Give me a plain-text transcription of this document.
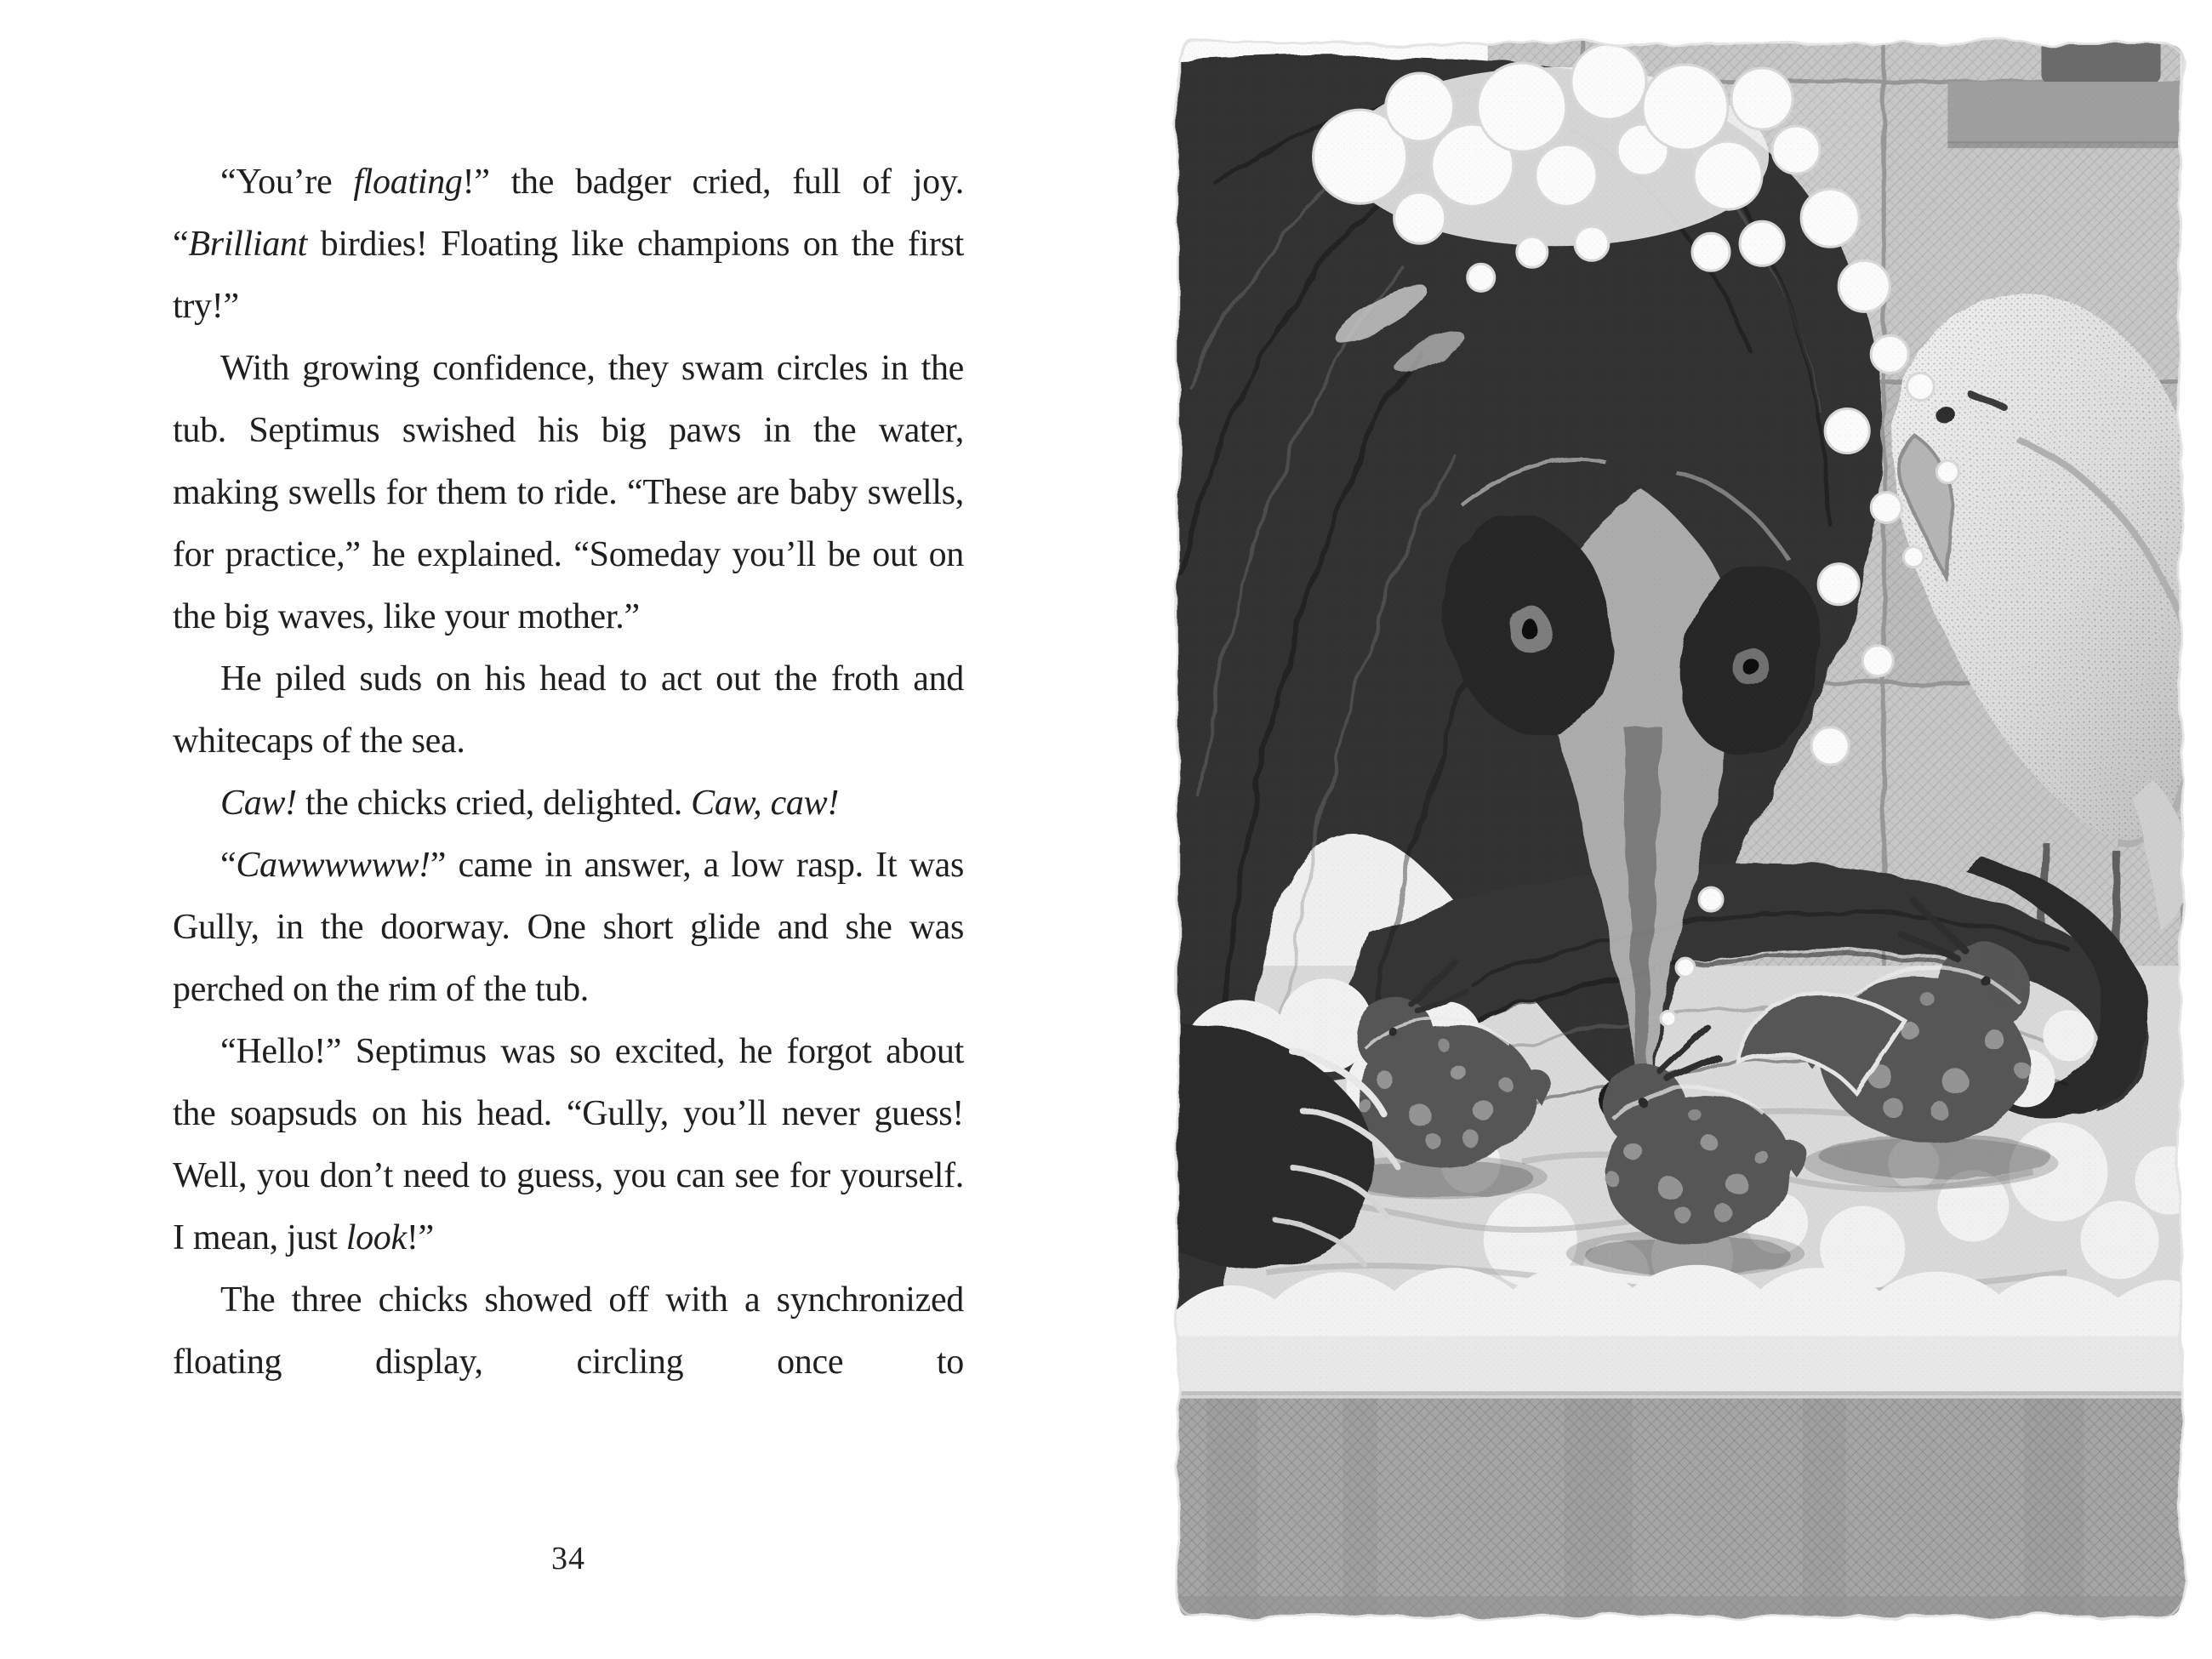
“You’re floating!” the badger cried, full of joy. “Brilliant birdies! Floating like champions on the first try!”

With growing confidence, they swam circles in the tub. Septimus swished his big paws in the water, making swells for them to ride. “These are baby swells, for practice,” he explained. “Someday you’ll be out on the big waves, like your mother.”

He piled suds on his head to act out the froth and whitecaps of the sea.

Caw! the chicks cried, delighted. Caw, caw!

“Cawwwwww!” came in answer, a low rasp. It was Gully, in the doorway. One short glide and she was perched on the rim of the tub.

“Hello!” Septimus was so excited, he forgot about the soapsuds on his head. “Gully, you’ll never guess! Well, you don’t need to guess, you can see for yourself. I mean, just look!”

The three chicks showed off with a synchronized floating display, circling once to

34
